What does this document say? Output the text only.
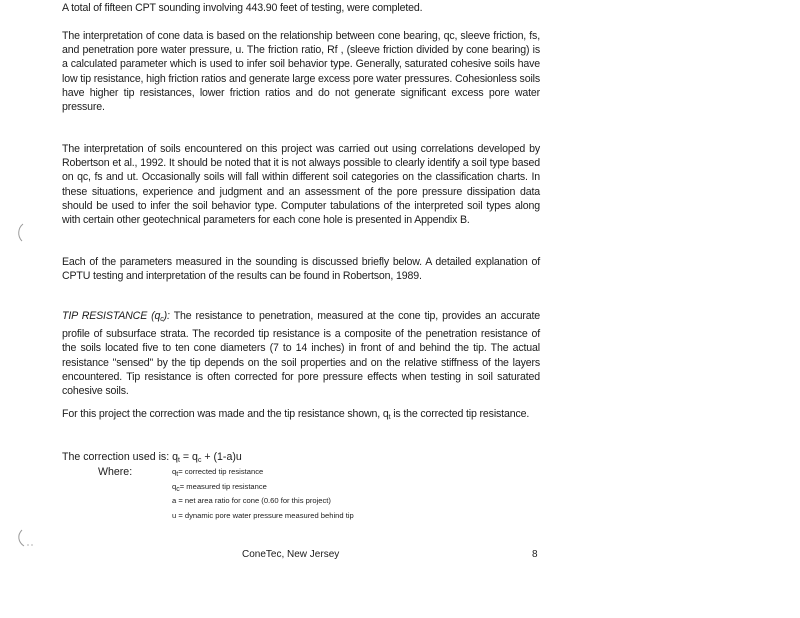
A total of fifteen CPT sounding involving 443.90 feet of testing, were completed.

The interpretation of cone data is based on the relationship between cone bearing, qc, sleeve friction, fs, and penetration pore water pressure, u. The friction ratio, Rf , (sleeve friction divided by cone bearing) is a calculated parameter which is used to infer soil behavior type. Generally, saturated cohesive soils have low tip resistance, high friction ratios and generate large excess pore water pressures. Cohesionless soils have higher tip resistances, lower friction ratios and do not generate significant excess pore water pressure.

The interpretation of soils encountered on this project was carried out using correlations developed by Robertson et al., 1992. It should be noted that it is not always possible to clearly identify a soil type based on qc, fs and ut. Occasionally soils will fall within different soil categories on the classification charts. In these situations, experience and judgment and an assessment of the pore pressure dissipation data should be used to infer the soil behavior type. Computer tabulations of the interpreted soil types along with certain other geotechnical parameters for each cone hole is presented in Appendix B.

Each of the parameters measured in the sounding is discussed briefly below. A detailed explanation of CPTU testing and interpretation of the results can be found in Robertson, 1989.

TIP RESISTANCE $(q_c)$: The resistance to penetration, measured at the cone tip, provides an accurate profile of subsurface strata. The recorded tip resistance is a composite of the penetration resistance of the soils located five to ten cone diameters (7 to 14 inches) in front of and behind the tip. The actual resistance "sensed" by the tip depends on the soil properties and on the relative stiffness of the layers encountered. Tip resistance is often corrected for pore pressure effects when testing in soil saturated cohesive soils.

For this project the correction was made and the tip resistance shown, $q_t$ is the corrected tip resistance.

The correction used is: $q_t = q_c + (1-a)u$
Where:	qt= corrected tip resistance
qc= measured tip resistance
a = net area ratio for cone (0.60 for this project)
u = dynamic pore water pressure measured behind tip
ConeTec, New Jersey	8
